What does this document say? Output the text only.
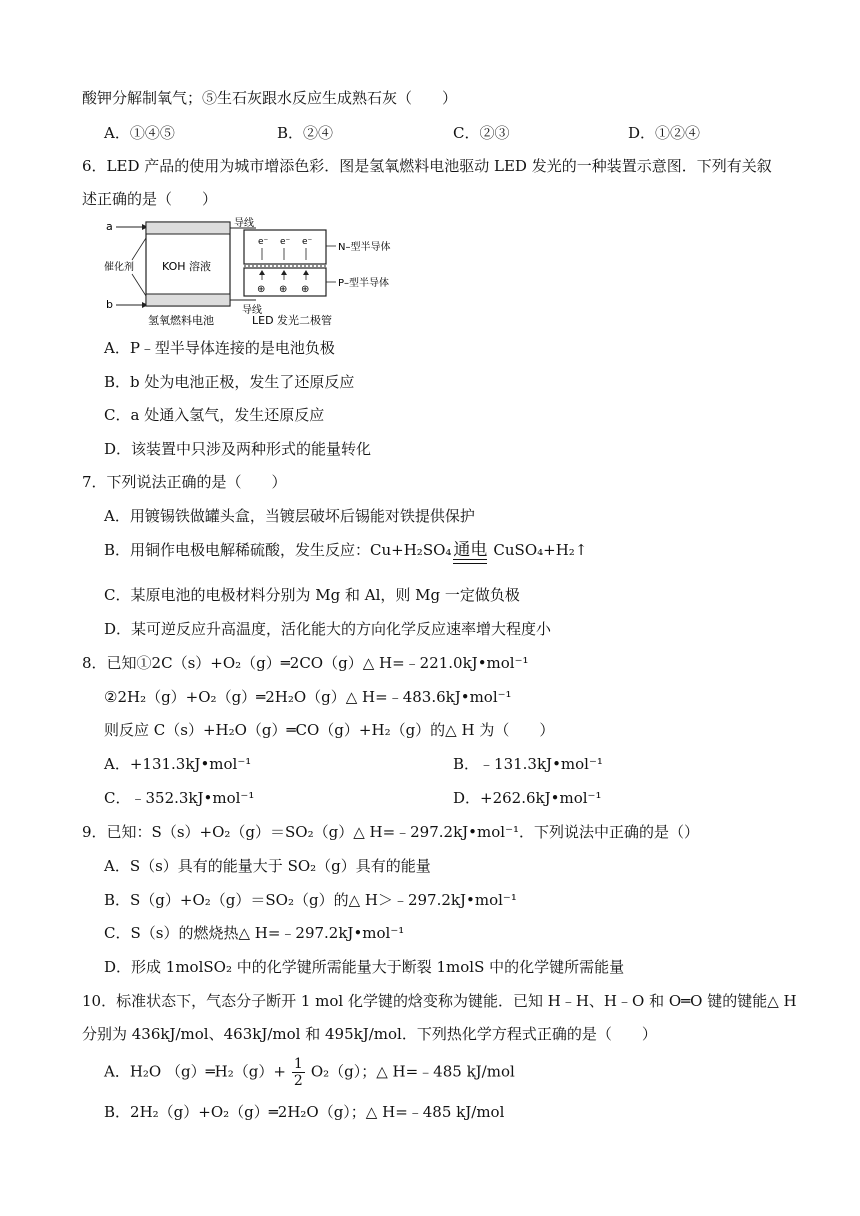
酸钾分解制氧气；⑤生石灰跟水反应生成熟石灰（　　）
A．①④⑤	B．②④	C．②③	D．①②④
6．LED 产品的使用为城市增添色彩．图是氢氧燃料电池驱动 LED 发光的一种装置示意图．下列有关叙
述正确的是（　　）
a
b
催化剂	KOH 溶液
导线
导线
e⁻ e⁻ e⁻
⊕ ⊕ ⊕
N–型半导体
P–型半导体
氢氧燃料电池	LED 发光二极管
A．P﹣型半导体连接的是电池负极
B．b 处为电池正极，发生了还原反应
C．a 处通入氢气，发生还原反应
D．该装置中只涉及两种形式的能量转化
7．下列说法正确的是（　　）
A．用镀锡铁做罐头盒，当镀层破坏后锡能对铁提供保护
B．用铜作电极电解稀硫酸，发生反应：Cu+H₂SO₄ 通电 CuSO₄+H₂↑
C．某原电池的电极材料分别为 Mg 和 Al，则 Mg 一定做负极
D．某可逆反应升高温度，活化能大的方向化学反应速率增大程度小
8．已知①2C（s）+O₂（g）═2CO（g）△ H=﹣221.0kJ•mol⁻¹
②2H₂（g）+O₂（g）═2H₂O（g）△ H=﹣483.6kJ•mol⁻¹
则反应 C（s）+H₂O（g）═CO（g）+H₂（g）的△ H 为（　　）
A．+131.3kJ•mol⁻¹	B．﹣131.3kJ•mol⁻¹
C．﹣352.3kJ•mol⁻¹	D．+262.6kJ•mol⁻¹
9．已知：S（s）+O₂（g）＝SO₂（g）△ H=﹣297.2kJ•mol⁻¹．下列说法中正确的是（）
A．S（s）具有的能量大于 SO₂（g）具有的能量
B．S（g）+O₂（g）＝SO₂（g）的△ H＞﹣297.2kJ•mol⁻¹
C．S（s）的燃烧热△ H=﹣297.2kJ•mol⁻¹
D．形成 1molSO₂ 中的化学键所需能量大于断裂 1molS 中的化学键所需能量
10．标准状态下，气态分子断开 1 mol 化学键的焓变称为键能．已知 H﹣H、H﹣O 和 O═O 键的键能△ H
分别为 436kJ/mol、463kJ/mol 和 495kJ/mol．下列热化学方程式正确的是（　　）
A．H₂O （g）═H₂（g）+ $\frac{1}{2} O_2(g)$；△ H=﹣485 kJ/mol
B．2H₂（g）+O₂（g）═2H₂O（g）；△ H=﹣485 kJ/mol
